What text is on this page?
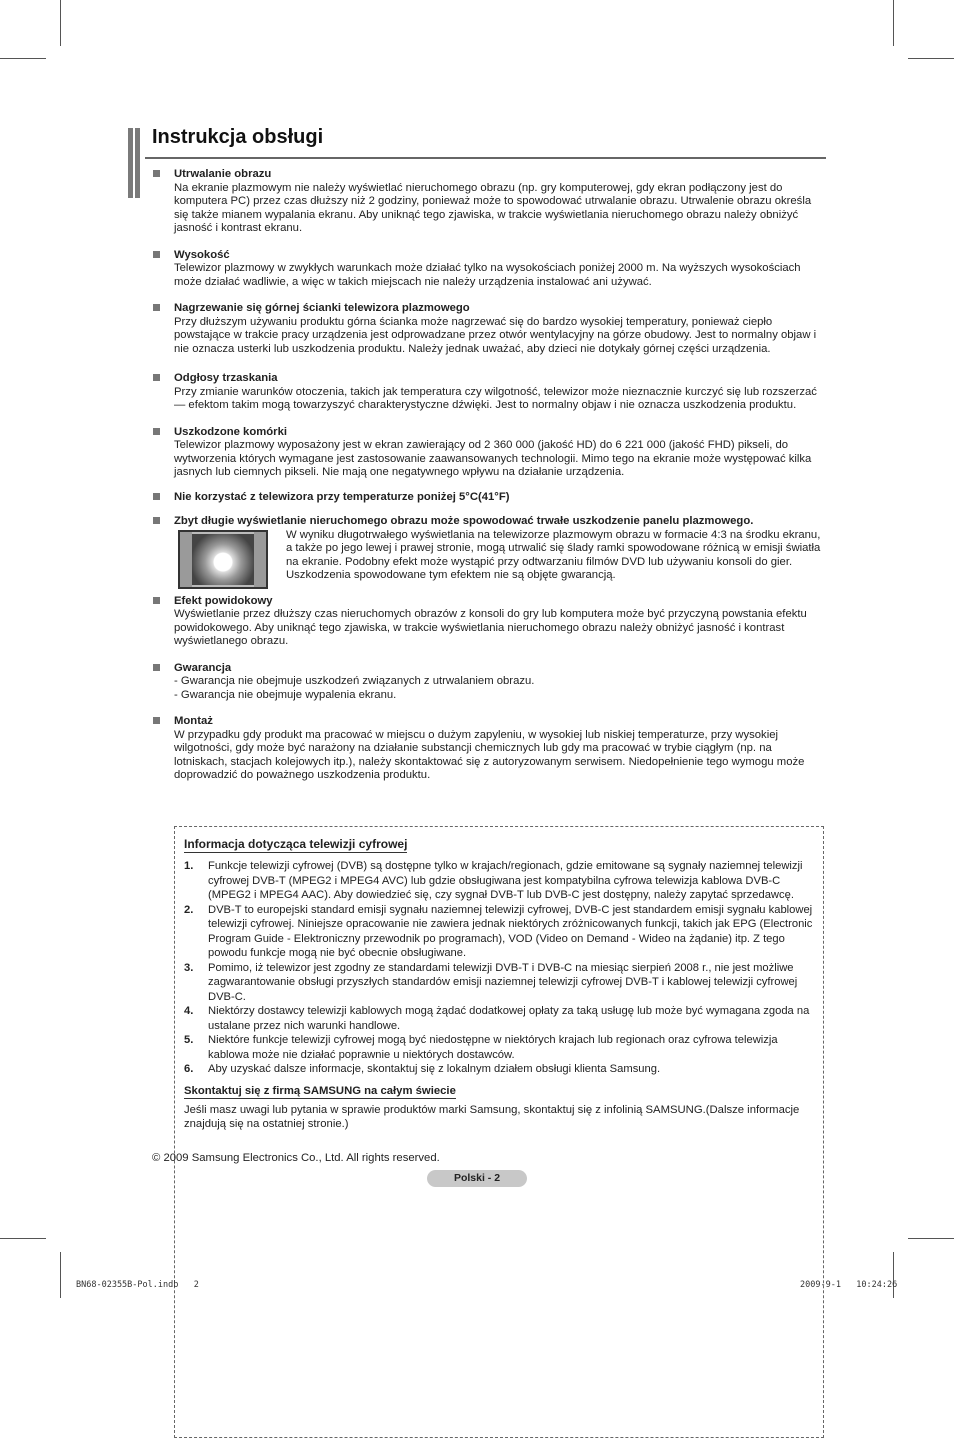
Instrukcja obsługi
Utrwalanie obrazu

Na ekranie plazmowym nie należy wyświetlać nieruchomego obrazu (np. gry komputerowej, gdy ekran podłączony jest do komputera PC) przez czas dłuższy niż 2 godziny, ponieważ może to spowodować utrwalanie obrazu. Utrwalenie obrazu określa się także mianem wypalania ekranu. Aby uniknąć tego zjawiska, w trakcie wyświetlania nieruchomego obrazu należy obniżyć jasność i kontrast ekranu.

Wysokość

Telewizor plazmowy w zwykłych warunkach może działać tylko na wysokościach poniżej 2000 m. Na wyższych wysokościach może działać wadliwie, a więc w takich miejscach nie należy urządzenia instalować ani używać.

Nagrzewanie się górnej ścianki telewizora plazmowego

Przy dłuższym używaniu produktu górna ścianka może nagrzewać się do bardzo wysokiej temperatury, ponieważ ciepło powstające w trakcie pracy urządzenia jest odprowadzane przez otwór wentylacyjny na górze obudowy. Jest to normalny objaw i nie oznacza usterki lub uszkodzenia produktu. Należy jednak uważać, aby dzieci nie dotykały górnej części urządzenia.

Odgłosy trzaskania

Przy zmianie warunków otoczenia, takich jak temperatura czy wilgotność, telewizor może nieznacznie kurczyć się lub rozszerzać — efektom takim mogą towarzyszyć charakterystyczne dźwięki. Jest to normalny objaw i nie oznacza uszkodzenia produktu.

Uszkodzone komórki

Telewizor plazmowy wyposażony jest w ekran zawierający od 2 360 000 (jakość HD) do 6 221 000 (jakość FHD) pikseli, do wytworzenia których wymagane jest zastosowanie zaawansowanych technologii. Mimo tego na ekranie może występować kilka jasnych lub ciemnych pikseli. Nie mają one negatywnego wpływu na działanie urządzenia.

Nie korzystać z telewizora przy temperaturze poniżej 5°C(41°F)
Zbyt długie wyświetlanie nieruchomego obrazu może spowodować trwałe uszkodzenie panelu plazmowego.

W wyniku długotrwałego wyświetlania na telewizorze plazmowym obrazu w formacie 4:3 na środku ekranu, a także po jego lewej i prawej stronie, mogą utrwalić się ślady ramki spowodowane różnicą w emisji światła na ekranie. Podobny efekt może wystąpić przy odtwarzaniu filmów DVD lub używaniu konsoli do gier. Uszkodzenia spowodowane tym efektem nie są objęte gwarancją.

Efekt powidokowy

Wyświetlanie przez dłuższy czas nieruchomych obrazów z konsoli do gry lub komputera może być przyczyną powstania efektu powidokowego. Aby uniknąć tego zjawiska, w trakcie wyświetlania nieruchomego obrazu należy obniżyć jasność i kontrast wyświetlanego obrazu.

Gwarancja

- Gwarancja nie obejmuje uszkodzeń związanych z utrwalaniem obrazu.

- Gwarancja nie obejmuje wypalenia ekranu.

Montaż

W przypadku gdy produkt ma pracować w miejscu o dużym zapyleniu, w wysokiej lub niskiej temperaturze, przy wysokiej wilgotności, gdy może być narażony na działanie substancji chemicznych lub gdy ma pracować w trybie ciągłym (np. na lotniskach, stacjach kolejowych itp.), należy skontaktować się z autoryzowanym serwisem. Niedopełnienie tego wymogu może doprowadzić do poważnego uszkodzenia produktu.

Informacja dotycząca telewizji cyfrowej
1. Funkcje telewizji cyfrowej (DVB) są dostępne tylko w krajach/regionach, gdzie emitowane są sygnały naziemnej telewizji cyfrowej DVB-T (MPEG2 i MPEG4 AVC) lub gdzie obsługiwana jest kompatybilna cyfrowa telewizja kablowa DVB-C (MPEG2 i MPEG4 AAC). Aby dowiedzieć się, czy sygnał DVB-T lub DVB-C jest dostępny, należy zapytać sprzedawcę.
2. DVB-T to europejski standard emisji sygnału naziemnej telewizji cyfrowej, DVB-C jest standardem emisji sygnału kablowej telewizji cyfrowej. Niniejsze opracowanie nie zawiera jednak niektórych zróżnicowanych funkcji, takich jak EPG (Electronic Program Guide - Elektroniczny przewodnik po programach), VOD (Video on Demand - Wideo na żądanie) itp. Z tego powodu funkcje mogą nie być obecnie obsługiwane.
3. Pomimo, iż telewizor jest zgodny ze standardami telewizji DVB-T i DVB-C na miesiąc sierpień 2008 r., nie jest możliwe zagwarantowanie obsługi przyszłych standardów emisji naziemnej telewizji cyfrowej DVB-T i kablowej telewizji cyfrowej DVB-C.
4. Niektórzy dostawcy telewizji kablowych mogą żądać dodatkowej opłaty za taką usługę lub może być wymagana zgoda na ustalane przez nich warunki handlowe.
5. Niektóre funkcje telewizji cyfrowej mogą być niedostępne w niektórych krajach lub regionach oraz cyfrowa telewizja kablowa może nie działać poprawnie u niektórych dostawców.
6. Aby uzyskać dalsze informacje, skontaktuj się z lokalnym działem obsługi klienta Samsung.
Skontaktuj się z firmą SAMSUNG na całym świecie

Jeśli masz uwagi lub pytania w sprawie produktów marki Samsung, skontaktuj się z infolinią SAMSUNG.(Dalsze informacje znajdują się na ostatniej stronie.)

© 2009 Samsung Electronics Co., Ltd. All rights reserved.
Polski - 2
BN68-02355B-Pol.indb   2	2009-9-1   10:24:26
